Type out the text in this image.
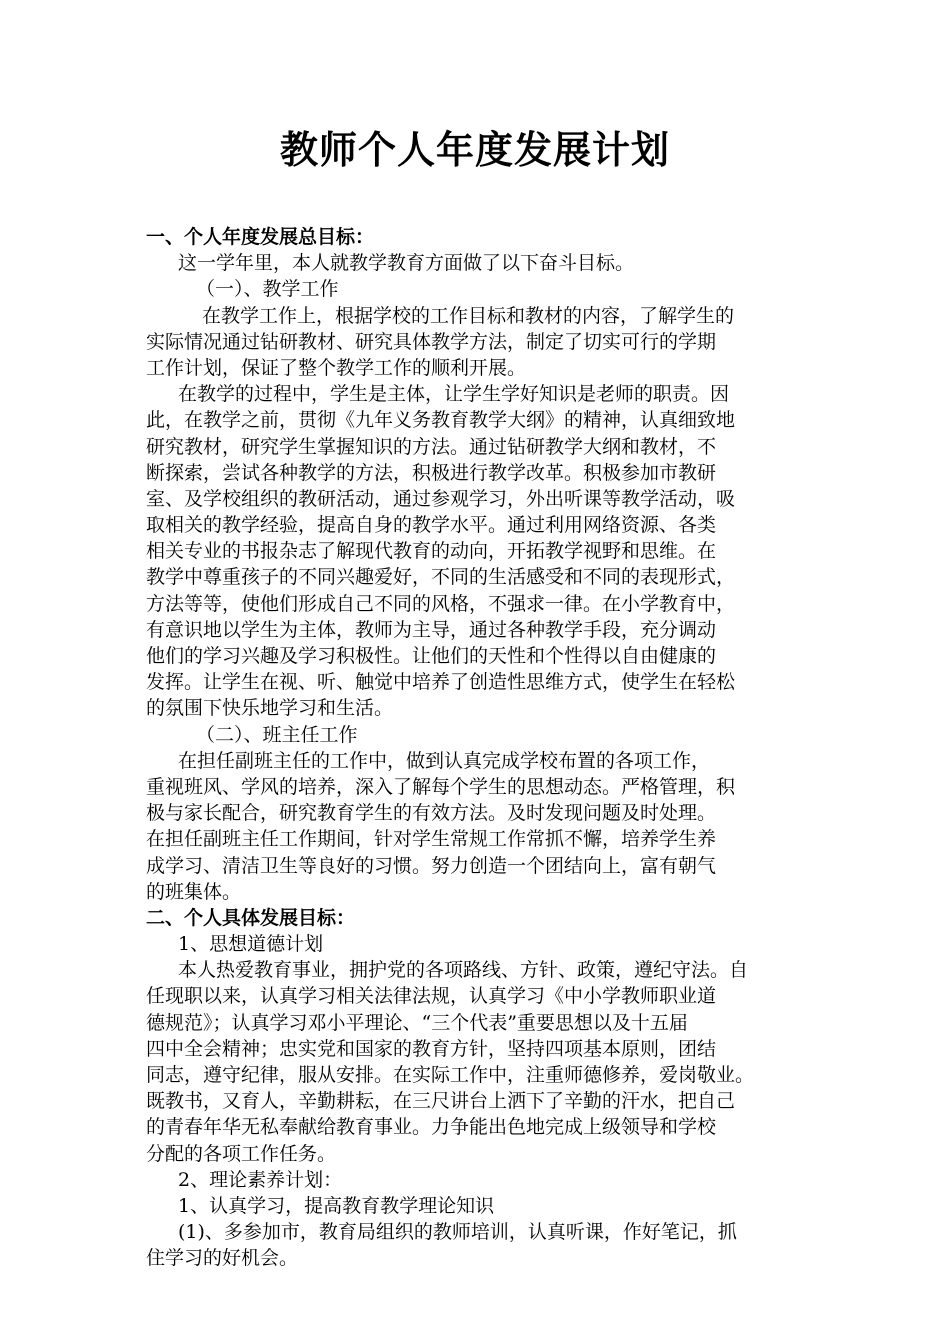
教师个人年度发展计划
一、个人年度发展总目标：
这一学年里，本人就教学教育方面做了以下奋斗目标。
（一）、教学工作
在教学工作上，根据学校的工作目标和教材的内容，了解学生的
实际情况通过钻研教材、研究具体教学方法，制定了切实可行的学期
工作计划，保证了整个教学工作的顺利开展。
在教学的过程中，学生是主体，让学生学好知识是老师的职责。因
此，在教学之前，贯彻《九年义务教育教学大纲》的精神，认真细致地
研究教材，研究学生掌握知识的方法。通过钻研教学大纲和教材，不
断探索，尝试各种教学的方法，积极进行教学改革。积极参加市教研
室、及学校组织的教研活动，通过参观学习，外出听课等教学活动，吸
取相关的教学经验，提高自身的教学水平。通过利用网络资源、各类
相关专业的书报杂志了解现代教育的动向，开拓教学视野和思维。在
教学中尊重孩子的不同兴趣爱好，不同的生活感受和不同的表现形式，
方法等等，使他们形成自己不同的风格，不强求一律。在小学教育中，
有意识地以学生为主体，教师为主导，通过各种教学手段，充分调动
他们的学习兴趣及学习积极性。让他们的天性和个性得以自由健康的
发挥。让学生在视、听、触觉中培养了创造性思维方式，使学生在轻松
的氛围下快乐地学习和生活。
（二）、班主任工作
在担任副班主任的工作中，做到认真完成学校布置的各项工作，
重视班风、学风的培养，深入了解每个学生的思想动态。严格管理，积
极与家长配合，研究教育学生的有效方法。及时发现问题及时处理。
在担任副班主任工作期间，针对学生常规工作常抓不懈，培养学生养
成学习、清洁卫生等良好的习惯。努力创造一个团结向上，富有朝气
的班集体。
二、个人具体发展目标：
1、思想道德计划
本人热爱教育事业，拥护党的各项路线、方针、政策，遵纪守法。自
任现职以来，认真学习相关法律法规，认真学习《中小学教师职业道
德规范》；认真学习邓小平理论、“三个代表”重要思想以及十五届
四中全会精神；忠实党和国家的教育方针，坚持四项基本原则，团结
同志，遵守纪律，服从安排。在实际工作中，注重师德修养，爱岗敬业。
既教书，又育人，辛勤耕耘，在三尺讲台上洒下了辛勤的汗水，把自己
的青春年华无私奉献给教育事业。力争能出色地完成上级领导和学校
分配的各项工作任务。
2、理论素养计划：
1、认真学习，提高教育教学理论知识
(1)、多参加市，教育局组织的教师培训，认真听课，作好笔记，抓
住学习的好机会。
